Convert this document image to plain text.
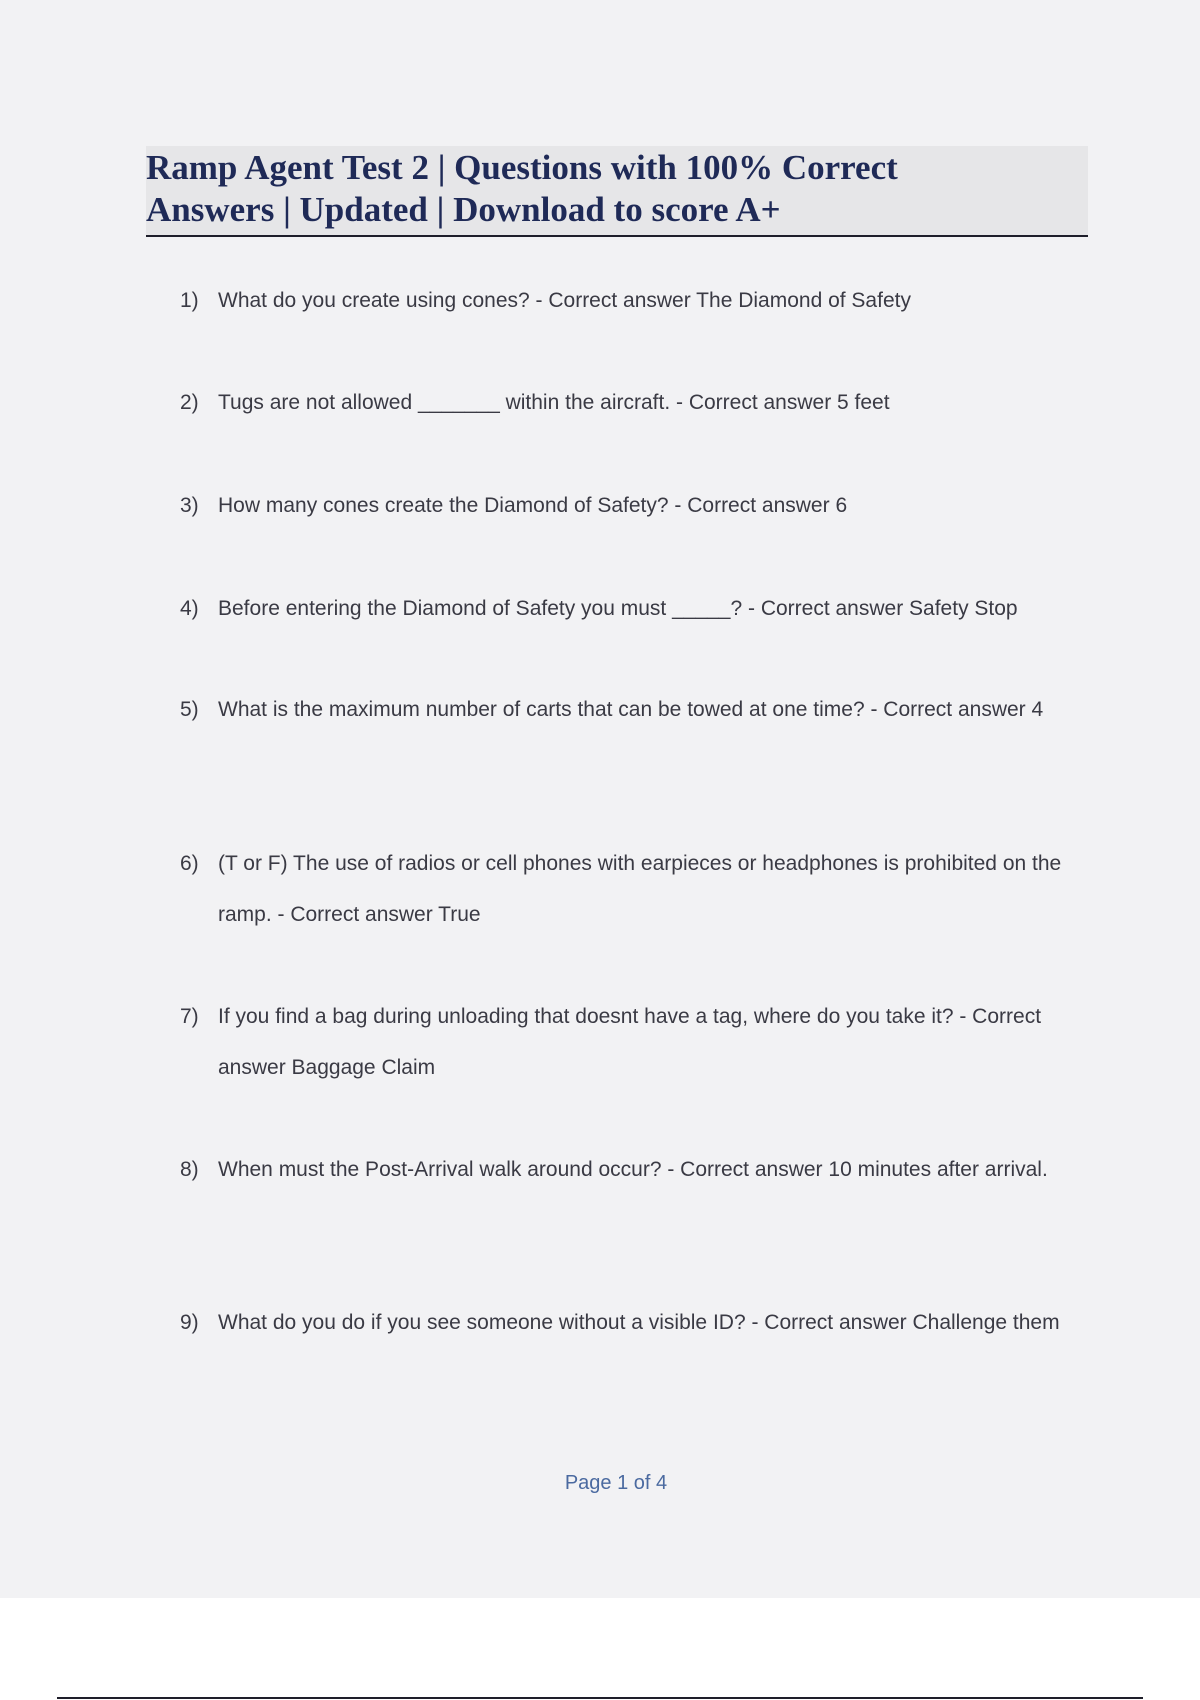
Ramp Agent Test 2 | Questions with 100% Correct Answers | Updated | Download to score A+
1) What do you create using cones? - Correct answer The Diamond of Safety
2) Tugs are not allowed _______ within the aircraft. - Correct answer 5 feet
3) How many cones create the Diamond of Safety? - Correct answer 6
4) Before entering the Diamond of Safety you must _____? - Correct answer Safety Stop
5) What is the maximum number of carts that can be towed at one time? - Correct answer 4
6) (T or F) The use of radios or cell phones with earpieces or headphones is prohibited on the ramp. - Correct answer True
7) If you find a bag during unloading that doesnt have a tag, where do you take it? - Correct answer Baggage Claim
8) When must the Post-Arrival walk around occur? - Correct answer 10 minutes after arrival.
9) What do you do if you see someone without a visible ID? - Correct answer Challenge them
Page 1 of 4
